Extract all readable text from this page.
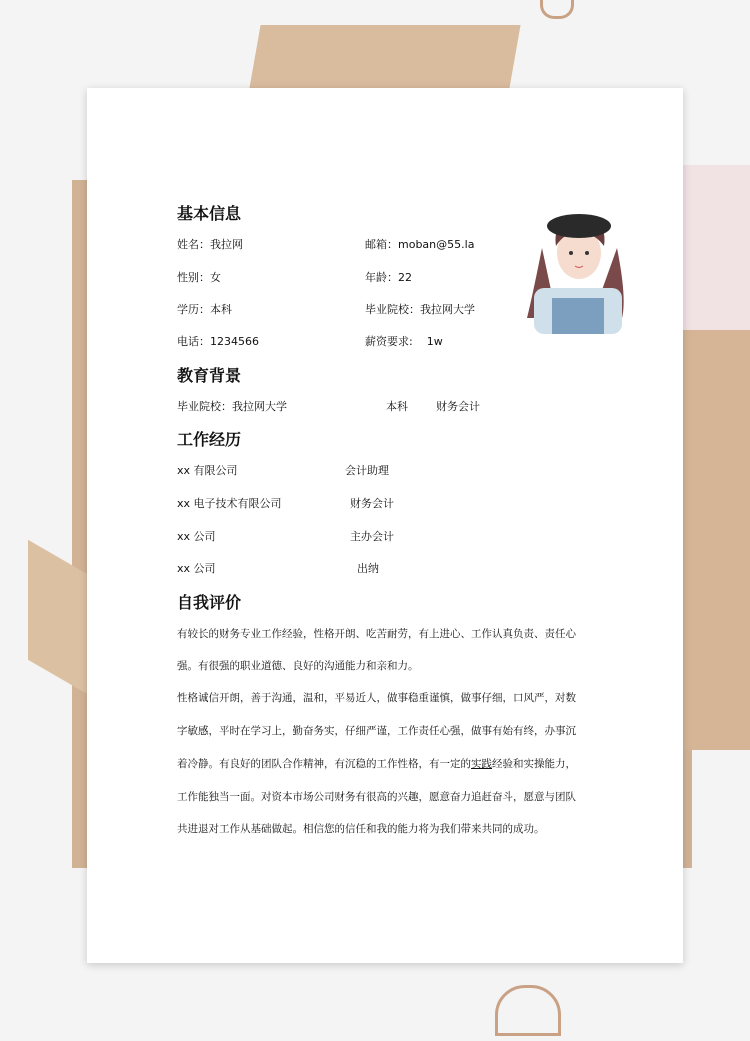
基本信息
姓名：我拉网	邮箱：moban@55.la
性别：女	年龄：22
学历：本科	毕业院校：我拉网大学
电话：1234566	薪资要求:    1w
教育背景
毕业院校：我拉网大学	本科	财务会计
工作经历
xx 有限公司	会计助理
xx 电子技术有限公司	财务会计
xx 公司	主办会计
xx 公司	出纳
自我评价
有较长的财务专业工作经验，性格开朗、吃苦耐劳，有上进心、工作认真负责、责任心
强。有很强的职业道德、良好的沟通能力和亲和力。
性格诚信开朗，善于沟通，温和，平易近人，做事稳重谨慎，做事仔细，口风严，对数
字敏感，平时在学习上，勤奋务实，仔细严谨，工作责任心强，做事有始有终，办事沉
着冷静。有良好的团队合作精神，有沉稳的工作性格，有一定的实践经验和实操能力，
工作能独当一面。对资本市场公司财务有很高的兴趣，愿意奋力追赶奋斗，愿意与团队
共进退对工作从基础做起。相信您的信任和我的能力将为我们带来共同的成功。
